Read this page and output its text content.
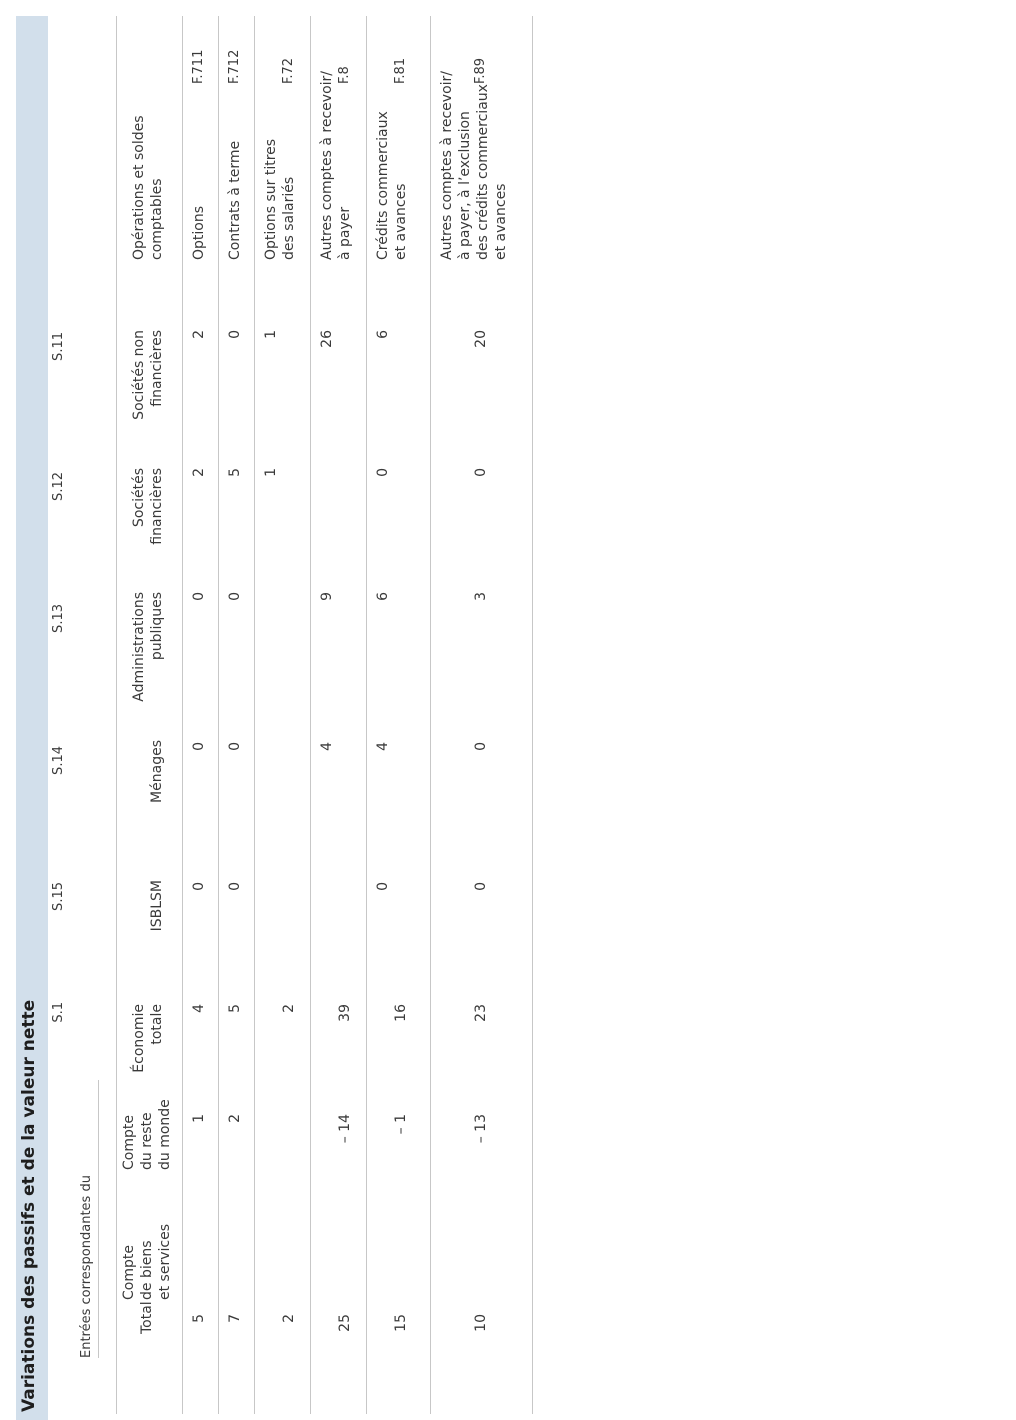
Variations des passifs et de la valeur nette
S.11
S.12
S.13
S.14
S.15
S.1
Entrées correspondantes du
Opérations et soldes
comptables
Sociétés non
financières
Sociétés
financières
Administrations
publiques
Ménages
ISBLSM
Économie
totale
Compte
du reste
du monde
Compte
de biens
et services
Total
F.711
Options
2
2
0
0
0
4
1
5
F.712
Contrats à terme
0
5
0
0
0
5
2
7
F.72
Options sur titres
des salariés
1
1
2
2
F.8
Autres comptes à recevoir/
à payer
26
9
4
39
– 14
25
F.81
Crédits commerciaux
et avances
6
0
6
4
0
16
– 1
15
F.89
Autres comptes à recevoir/
à payer, à l’exclusion
des crédits commerciaux
et avances
20
0
3
0
0
23
– 13
10
